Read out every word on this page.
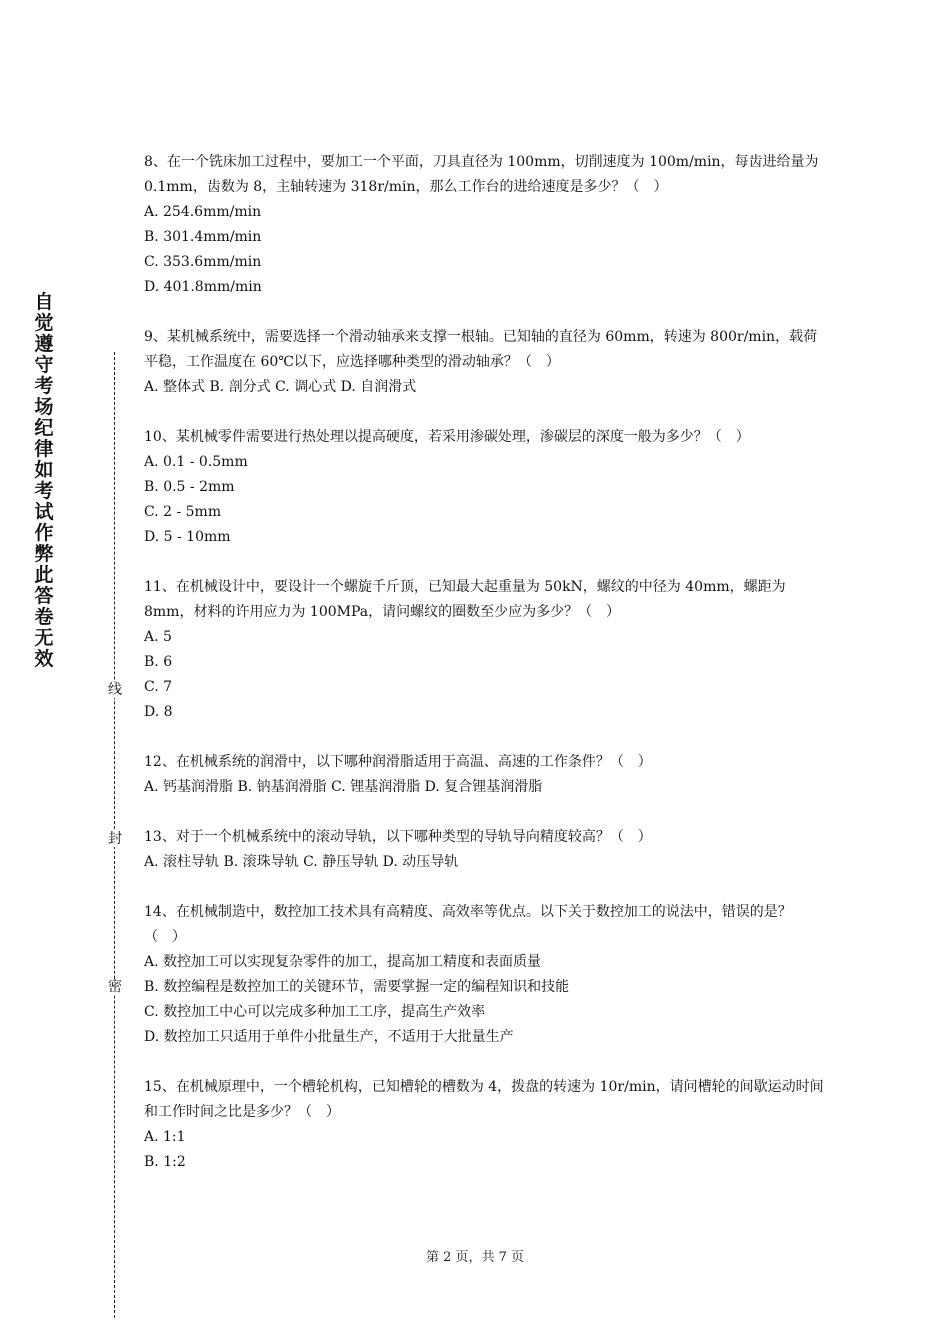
自觉遵守考场纪律如考试作弊此答卷无效
线
封
密

8、在一个铣床加工过程中，要加工一个平面，刀具直径为 100mm，切削速度为 100m/min，每齿进给量为 0.1mm，齿数为 8，主轴转速为 318r/min，那么工作台的进给速度是多少？（　）

A. 254.6mm/min

B. 301.4mm/min

C. 353.6mm/min

D. 401.8mm/min

9、某机械系统中，需要选择一个滑动轴承来支撑一根轴。已知轴的直径为 60mm，转速为 800r/min，载荷平稳，工作温度在 60℃以下，应选择哪种类型的滑动轴承？（　）

A. 整体式 B. 剖分式 C. 调心式 D. 自润滑式

10、某机械零件需要进行热处理以提高硬度，若采用渗碳处理，渗碳层的深度一般为多少？（　）

A. 0.1 - 0.5mm

B. 0.5 - 2mm

C. 2 - 5mm

D. 5 - 10mm

11、在机械设计中，要设计一个螺旋千斤顶，已知最大起重量为 50kN，螺纹的中径为 40mm，螺距为 8mm，材料的许用应力为 100MPa，请问螺纹的圈数至少应为多少？（　）

A. 5

B. 6

C. 7

D. 8

12、在机械系统的润滑中，以下哪种润滑脂适用于高温、高速的工作条件？（　）

A. 钙基润滑脂 B. 钠基润滑脂 C. 锂基润滑脂 D. 复合锂基润滑脂

13、对于一个机械系统中的滚动导轨，以下哪种类型的导轨导向精度较高？（　）

A. 滚柱导轨 B. 滚珠导轨 C. 静压导轨 D. 动压导轨

14、在机械制造中，数控加工技术具有高精度、高效率等优点。以下关于数控加工的说法中，错误的是？（　）

A. 数控加工可以实现复杂零件的加工，提高加工精度和表面质量

B. 数控编程是数控加工的关键环节，需要掌握一定的编程知识和技能

C. 数控加工中心可以完成多种加工工序，提高生产效率

D. 数控加工只适用于单件小批量生产，不适用于大批量生产

15、在机械原理中，一个槽轮机构，已知槽轮的槽数为 4，拨盘的转速为 10r/min，请问槽轮的间歇运动时间和工作时间之比是多少？（　）

A. 1:1

B. 1:2

第 2 页，共 7 页
